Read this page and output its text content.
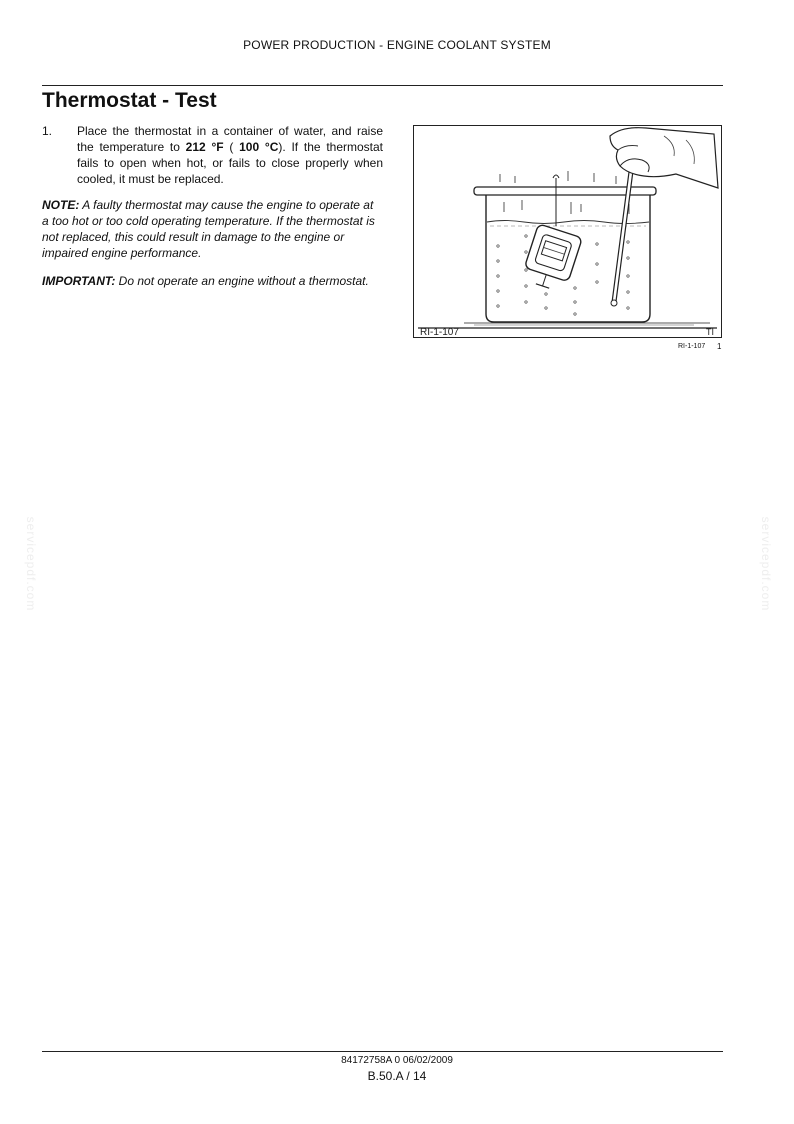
POWER PRODUCTION - ENGINE COOLANT SYSTEM
Thermostat - Test
1.	Place the thermostat in a container of water, and raise the temperature to 212 °F ( 100 °C). If the thermostat fails to open when hot, or fails to close properly when cooled, it must be replaced.

NOTE: A faulty thermostat may cause the engine to operate at a too hot or too cold operating temperature. If the thermostat is not replaced, this could result in damage to the engine or impaired engine performance.

IMPORTANT: Do not operate an engine without a thermostat.

RI-1-107	TI
RI-1-107 1
servicepdf.com	servicepdf.com
84172758A 0 06/02/2009
B.50.A / 14
